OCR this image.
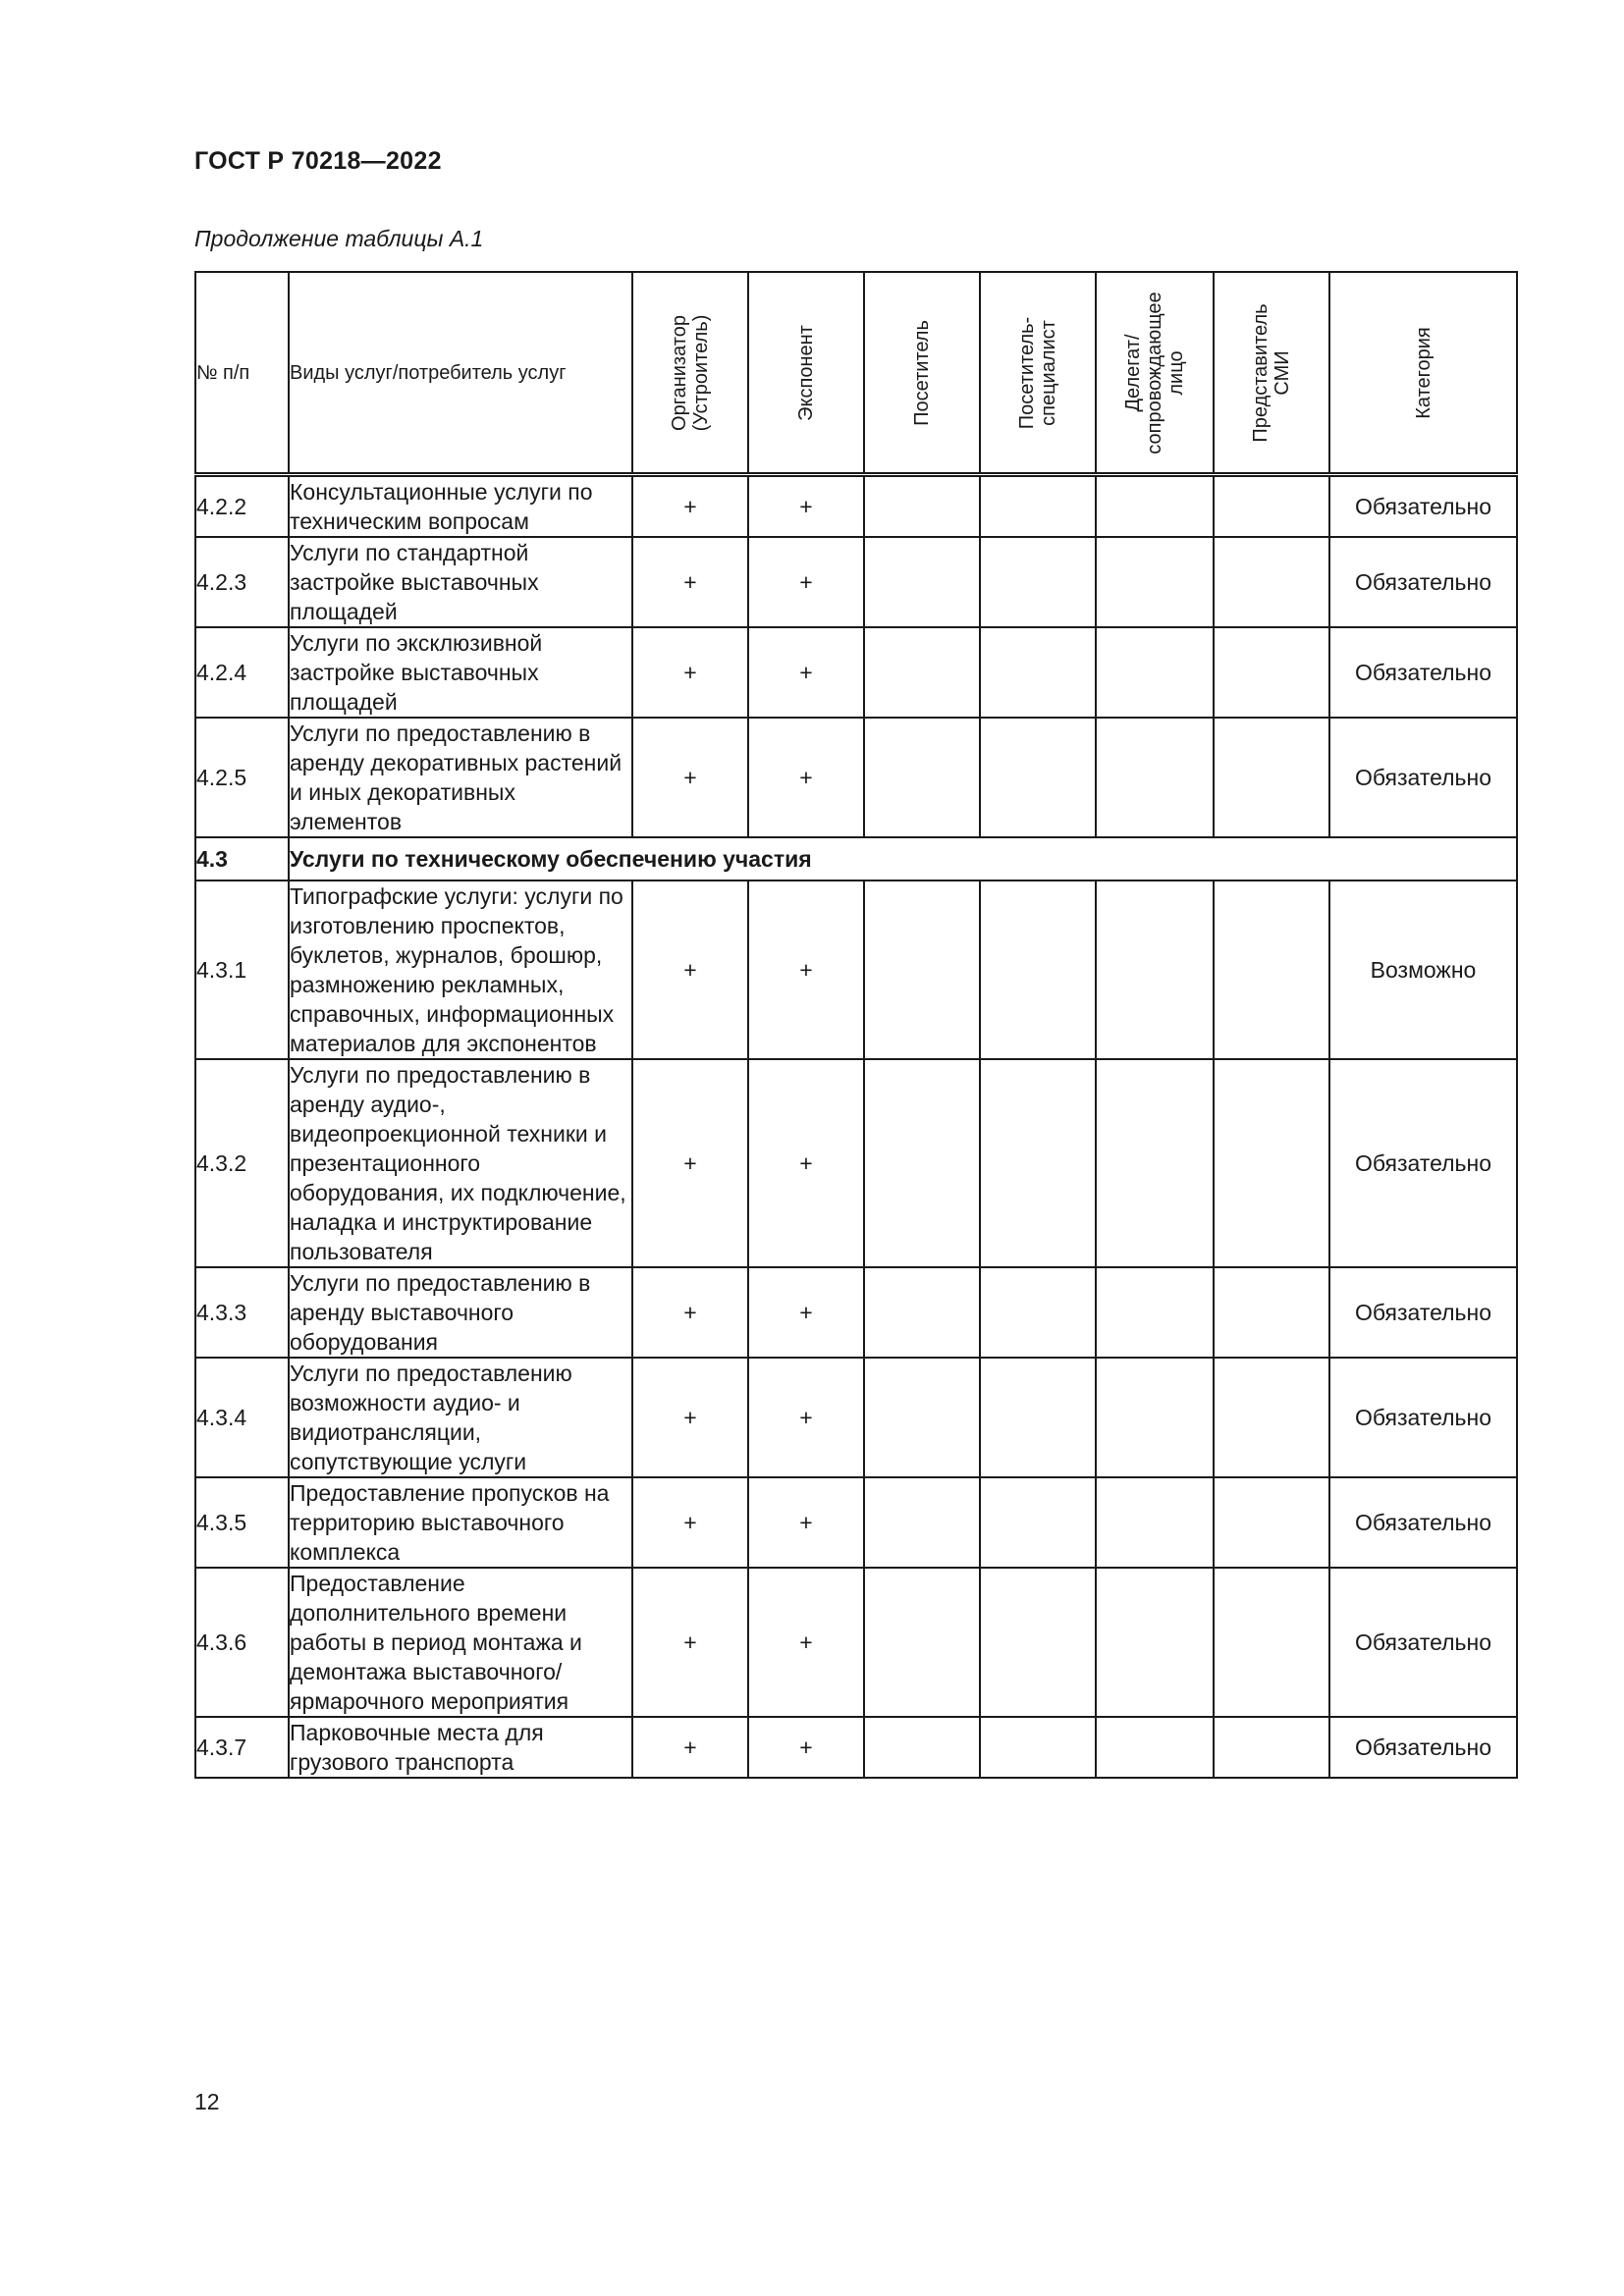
ГОСТ Р 70218—2022
Продолжение таблицы А.1
№ п/п	Виды услуг/потребитель услуг	Организатор (Устроитель)	Экспонент	Посетитель	Посетитель-специалист	Делегат/сопровождающее лицо	Представитель СМИ	Категория

4.2.2	Консультационные услуги по техническим вопросам	+	+					Обязательно
4.2.3	Услуги по стандартной застройке выставочных площадей	+	+					Обязательно
4.2.4	Услуги по эксклюзивной застройке выставочных площадей	+	+					Обязательно
4.2.5	Услуги по предоставлению в аренду декоративных растений и иных декоративных элементов	+	+					Обязательно
4.3	Услуги по техническому обеспечению участия							
4.3.1	Типографские услуги: услуги по изготовлению проспектов, буклетов, журналов, брошюр, размножению рекламных, справочных, информационных материалов для экспонентов	+	+					Возможно
4.3.2	Услуги по предоставлению в аренду аудио-, видеопроекционной техники и презентационного оборудования, их подключение, наладка и инструктирование пользователя	+	+					Обязательно
4.3.3	Услуги по предоставлению в аренду выставочного оборудования	+	+					Обязательно
4.3.4	Услуги по предоставлению возможности аудио- и видиотрансляции, сопутствующие услуги	+	+					Обязательно
4.3.5	Предоставление пропусков на территорию выставочного комплекса	+	+					Обязательно
4.3.6	Предоставление дополнительного времени работы в период монтажа и демонтажа выставочного/ярмарочного мероприятия	+	+					Обязательно
4.3.7	Парковочные места для грузового транспорта	+	+					Обязательно
12
